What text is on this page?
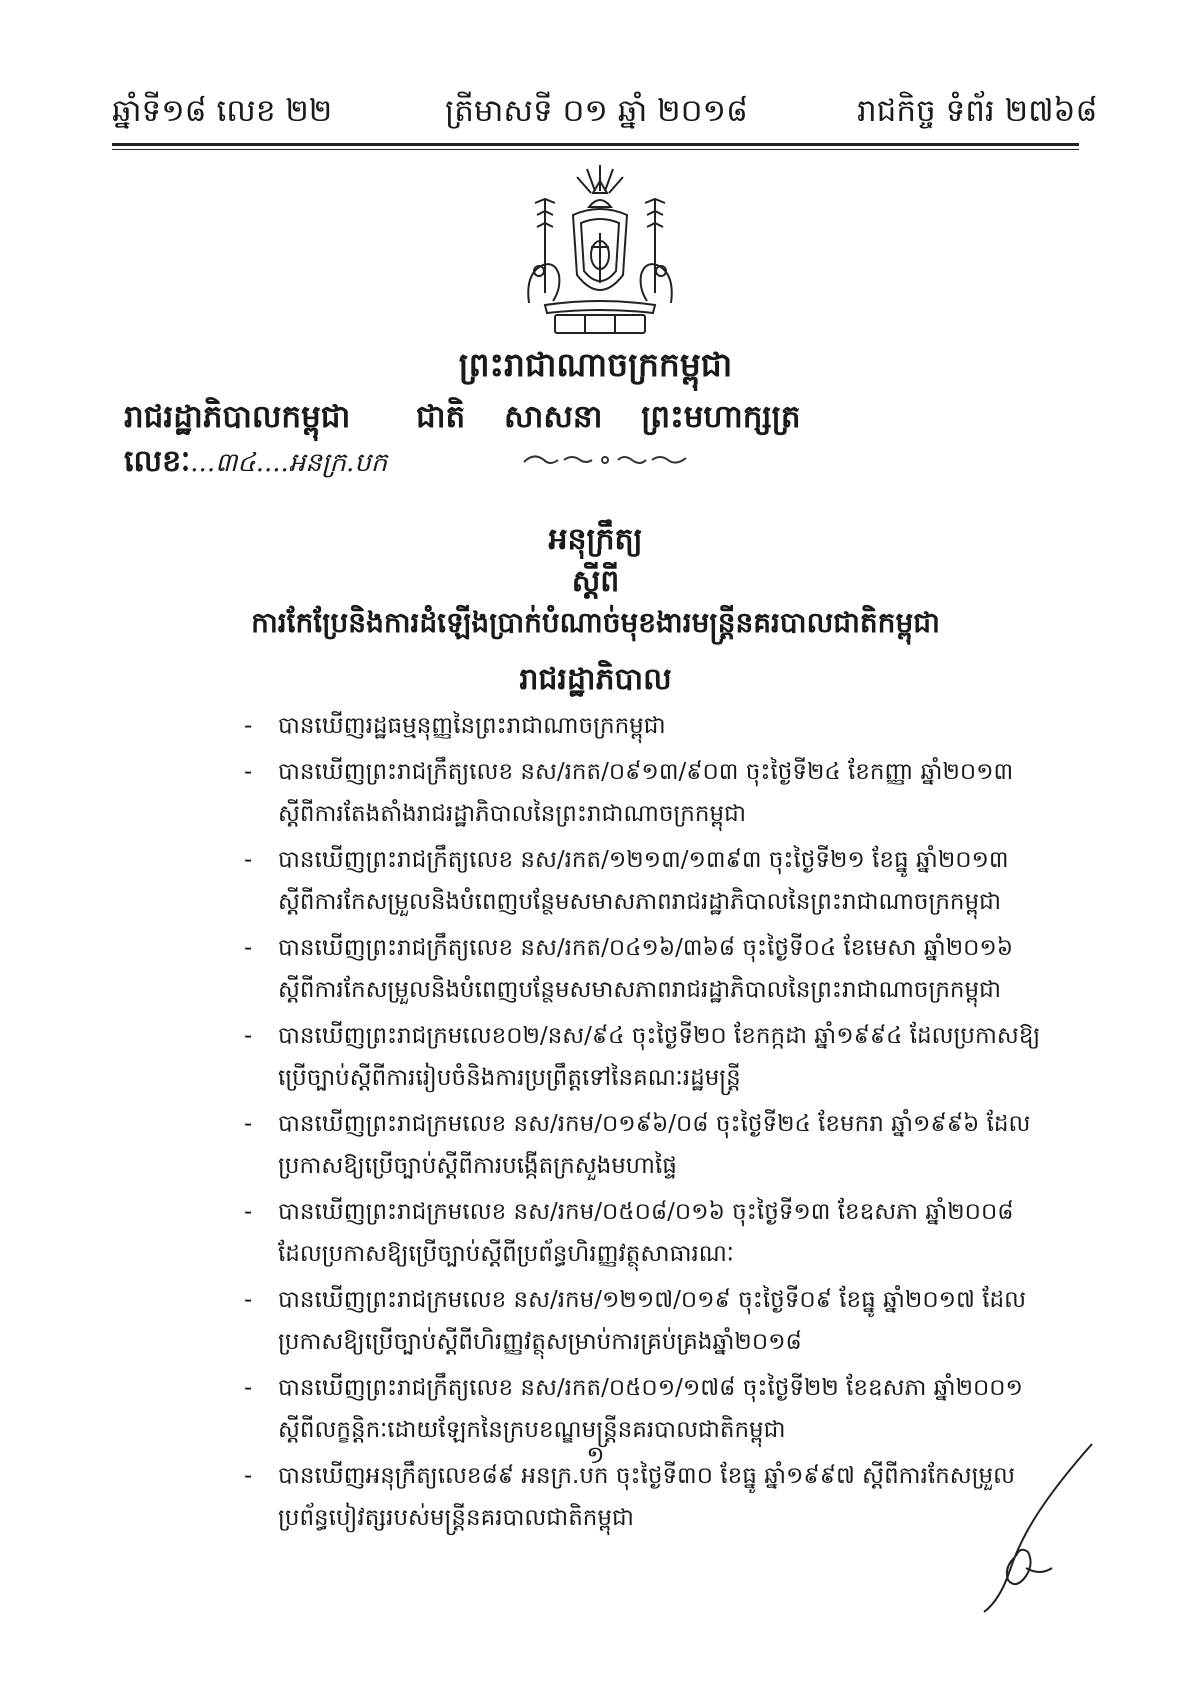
ឆ្នាំទី១៨ លេខ ២២	ត្រីមាសទី ០១ ឆ្នាំ ២០១៨	រាជកិច្ច ទំព័រ ២៧៦៨
ព្រះរាជាណាចក្រកម្ពុជា
រាជរដ្ឋាភិបាលកម្ពុជា ជាតិ សាសនា ព្រះមហាក្សត្រ
លេខៈ...៣៤....អនក្រ.បក
អនុក្រឹត្យ
ស្តីពី
ការកែប្រែនិងការដំឡើងប្រាក់បំណាច់មុខងារមន្ត្រីនគរបាលជាតិកម្ពុជា
រាជរដ្ឋាភិបាល
- បានឃើញរដ្ឋធម្មនុញ្ញនៃព្រះរាជាណាចក្រកម្ពុជា
- បានឃើញព្រះរាជក្រឹត្យលេខ នស/រកត/០៩១៣/៩០៣ ចុះថ្ងៃទី២៤ ខែកញ្ញា ឆ្នាំ២០១៣ ស្តីពីការតែងតាំងរាជរដ្ឋាភិបាលនៃព្រះរាជាណាចក្រកម្ពុជា
- បានឃើញព្រះរាជក្រឹត្យលេខ នស/រកត/១២១៣/១៣៩៣ ចុះថ្ងៃទី២១ ខែធ្នូ ឆ្នាំ២០១៣ ស្តីពីការកែសម្រួលនិងបំពេញបន្ថែមសមាសភាពរាជរដ្ឋាភិបាលនៃព្រះរាជាណាចក្រកម្ពុជា
- បានឃើញព្រះរាជក្រឹត្យលេខ នស/រកត/០៤១៦/៣៦៨ ចុះថ្ងៃទី០៤ ខែមេសា ឆ្នាំ២០១៦ ស្តីពីការកែសម្រួលនិងបំពេញបន្ថែមសមាសភាពរាជរដ្ឋាភិបាលនៃព្រះរាជាណាចក្រកម្ពុជា
- បានឃើញព្រះរាជក្រមលេខ០២/នស/៩៤ ចុះថ្ងៃទី២០ ខែកក្កដា ឆ្នាំ១៩៩៤ ដែលប្រកាសឱ្យប្រើច្បាប់ស្តីពីការរៀបចំនិងការប្រព្រឹត្តទៅនៃគណៈរដ្ឋមន្ត្រី
- បានឃើញព្រះរាជក្រមលេខ នស/រកម/០១៩៦/០៨ ចុះថ្ងៃទី២៤ ខែមករា ឆ្នាំ១៩៩៦ ដែលប្រកាសឱ្យប្រើច្បាប់ស្តីពីការបង្កើតក្រសួងមហាផ្ទៃ
- បានឃើញព្រះរាជក្រមលេខ នស/រកម/០៥០៨/០១៦ ចុះថ្ងៃទី១៣ ខែឧសភា ឆ្នាំ២០០៨ ដែលប្រកាសឱ្យប្រើច្បាប់ស្តីពីប្រព័ន្ធហិរញ្ញវត្ថុសាធារណៈ
- បានឃើញព្រះរាជក្រមលេខ នស/រកម/១២១៧/០១៩ ចុះថ្ងៃទី០៩ ខែធ្នូ ឆ្នាំ២០១៧ ដែលប្រកាសឱ្យប្រើច្បាប់ស្តីពីហិរញ្ញវត្ថុសម្រាប់ការគ្រប់គ្រងឆ្នាំ២០១៨
- បានឃើញព្រះរាជក្រឹត្យលេខ នស/រកត/០៥០១/១៧៨ ចុះថ្ងៃទី២២ ខែឧសភា ឆ្នាំ២០០១ ស្តីពីលក្ខន្តិកៈដោយឡែកនៃក្របខណ្ឌមន្ត្រីនគរបាលជាតិកម្ពុជា
- បានឃើញអនុក្រឹត្យលេខ៨៩ អនក្រ.បក ចុះថ្ងៃទី៣០ ខែធ្នូ ឆ្នាំ១៩៩៧ ស្តីពីការកែសម្រួលប្រព័ន្ធបៀវត្សរបស់មន្ត្រីនគរបាលជាតិកម្ពុជា
១
